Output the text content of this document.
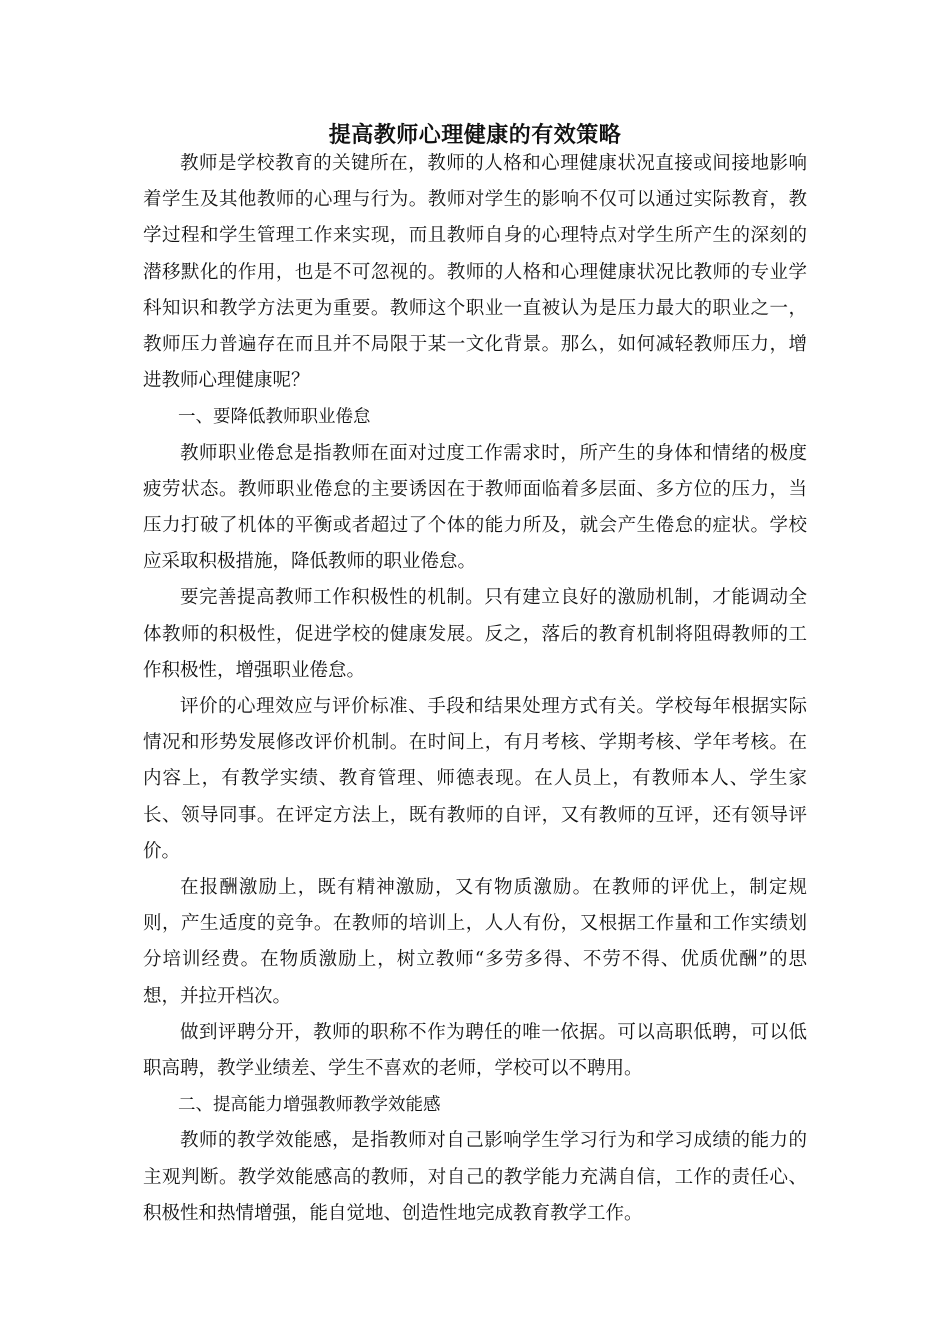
提高教师心理健康的有效策略

教师是学校教育的关键所在，教师的人格和心理健康状况直接或间接地影响着学生及其他教师的心理与行为。教师对学生的影响不仅可以通过实际教育，教学过程和学生管理工作来实现，而且教师自身的心理特点对学生所产生的深刻的潜移默化的作用，也是不可忽视的。教师的人格和心理健康状况比教师的专业学科知识和教学方法更为重要。教师这个职业一直被认为是压力最大的职业之一，教师压力普遍存在而且并不局限于某一文化背景。那么，如何减轻教师压力，增进教师心理健康呢？

一、要降低教师职业倦怠

教师职业倦怠是指教师在面对过度工作需求时，所产生的身体和情绪的极度疲劳状态。教师职业倦怠的主要诱因在于教师面临着多层面、多方位的压力，当压力打破了机体的平衡或者超过了个体的能力所及，就会产生倦怠的症状。学校应采取积极措施，降低教师的职业倦怠。

要完善提高教师工作积极性的机制。只有建立良好的激励机制，才能调动全体教师的积极性，促进学校的健康发展。反之，落后的教育机制将阻碍教师的工作积极性，增强职业倦怠。

评价的心理效应与评价标准、手段和结果处理方式有关。学校每年根据实际情况和形势发展修改评价机制。在时间上，有月考核、学期考核、学年考核。在内容上，有教学实绩、教育管理、师德表现。在人员上，有教师本人、学生家长、领导同事。在评定方法上，既有教师的自评，又有教师的互评，还有领导评价。

在报酬激励上，既有精神激励，又有物质激励。在教师的评优上，制定规则，产生适度的竞争。在教师的培训上，人人有份，又根据工作量和工作实绩划分培训经费。在物质激励上，树立教师“多劳多得、不劳不得、优质优酬”的思想，并拉开档次。

做到评聘分开，教师的职称不作为聘任的唯一依据。可以高职低聘，可以低职高聘，教学业绩差、学生不喜欢的老师，学校可以不聘用。

二、提高能力增强教师教学效能感

教师的教学效能感，是指教师对自己影响学生学习行为和学习成绩的能力的主观判断。教学效能感高的教师，对自己的教学能力充满自信，工作的责任心、积极性和热情增强，能自觉地、创造性地完成教育教学工作。
